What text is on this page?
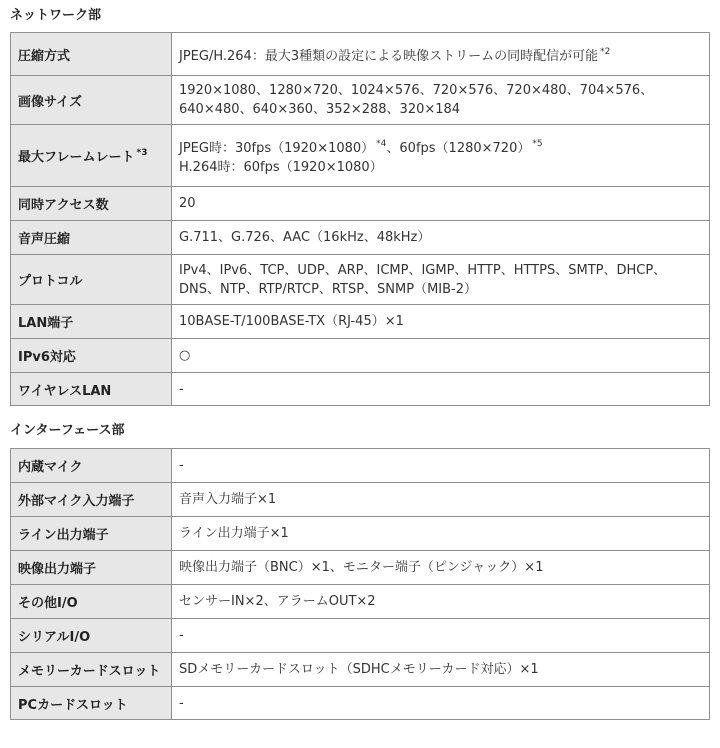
ネットワーク部
圧縮方式	JPEG/H.264：最大3種類の設定による映像ストリームの同時配信が可能 $^{*2}$
画像サイズ	1920×1080、1280×720、1024×576、720×576、720×480、704×576、
640×480、640×360、352×288、320×184

最大フレームレート $^{*3}$	JPEG時：30fps（1920×1080） $^{*4}$、60fps（1280×720） $^{*5}$
H.264時：60fps（1920×1080）

同時アクセス数	20
音声圧縮	G.711、G.726、AAC（16kHz、48kHz）
プロトコル	IPv4、IPv6、TCP、UDP、ARP、ICMP、IGMP、HTTP、HTTPS、SMTP、DHCP、
DNS、NTP、RTP/RTCP、RTSP、SNMP（MIB-2）

LAN端子	10BASE-T/100BASE-TX（RJ-45）×1
IPv6対応	○
ワイヤレスLAN	-
インターフェース部
内蔵マイク	-
外部マイク入力端子	音声入力端子×1
ライン出力端子	ライン出力端子×1
映像出力端子	映像出力端子（BNC）×1、モニター端子（ピンジャック）×1
その他I/O	センサーIN×2、アラームOUT×2
シリアルI/O	-
メモリーカードスロット	SDメモリーカードスロット（SDHCメモリーカード対応）×1
PCカードスロット	-
